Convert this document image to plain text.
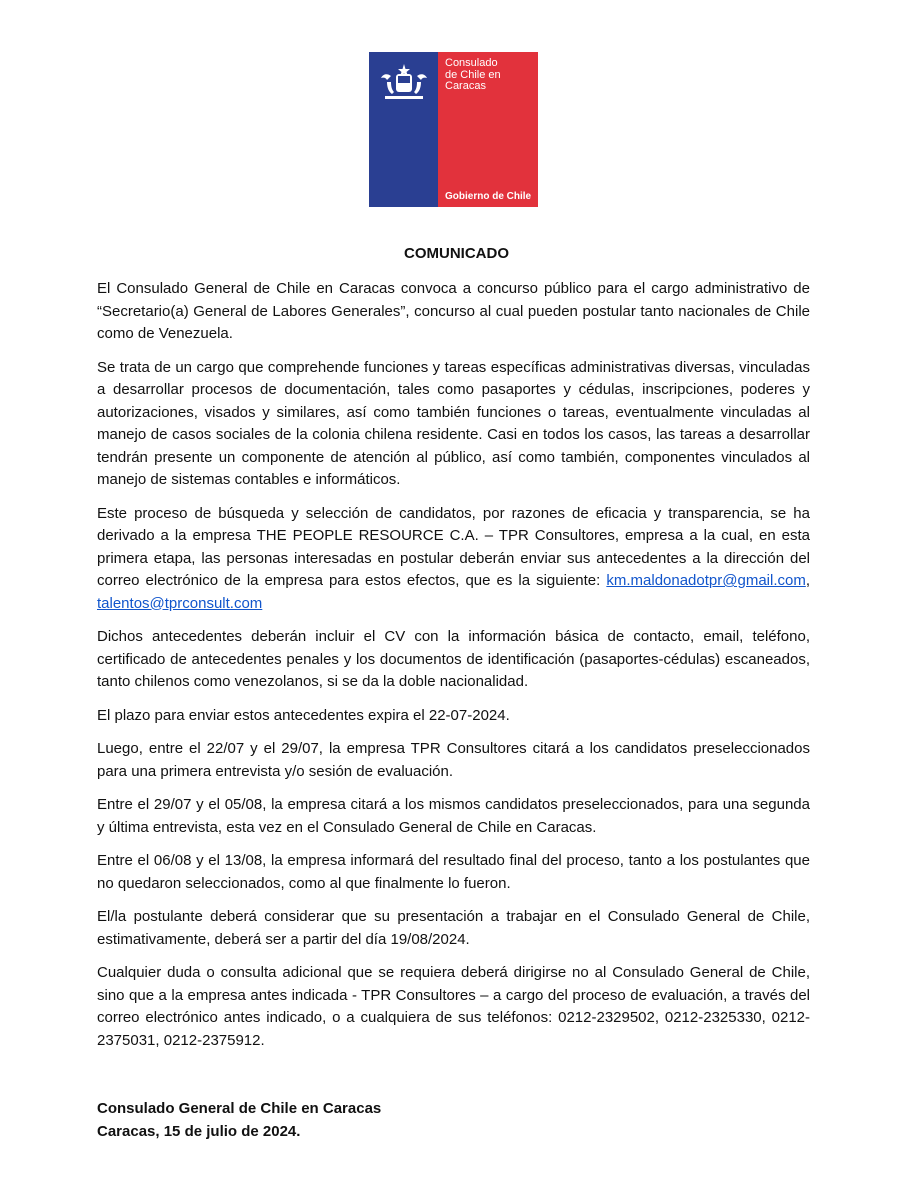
Consulado
de Chile en
Caracas
Gobierno de Chile
COMUNICADO

El Consulado General de Chile en Caracas convoca a concurso público para el cargo administrativo de “Secretario(a) General de Labores Generales”, concurso al cual pueden postular tanto nacionales de Chile como de Venezuela.

Se trata de un cargo que comprehende funciones y tareas específicas administrativas diversas, vinculadas a desarrollar procesos de documentación, tales como pasaportes y cédulas, inscripciones, poderes y autorizaciones, visados y similares, así como también funciones o tareas, eventualmente vinculadas al manejo de casos sociales de la colonia chilena residente. Casi en todos los casos, las tareas a desarrollar tendrán presente un componente de atención al público, así como también, componentes vinculados al manejo de sistemas contables e informáticos.

Este proceso de búsqueda y selección de candidatos, por razones de eficacia y transparencia, se ha derivado a la empresa THE PEOPLE RESOURCE C.A. – TPR Consultores, empresa a la cual, en esta primera etapa, las personas interesadas en postular deberán enviar sus antecedentes a la dirección del correo electrónico de la empresa para estos efectos, que es la siguiente: km.maldonadotpr@gmail.com, talentos@tprconsult.com

Dichos antecedentes deberán incluir el CV con la información básica de contacto, email, teléfono, certificado de antecedentes penales y los documentos de identificación (pasaportes-cédulas) escaneados, tanto chilenos como venezolanos, si se da la doble nacionalidad.

El plazo para enviar estos antecedentes expira el 22-07-2024.

Luego, entre el 22/07 y el 29/07, la empresa TPR Consultores citará a los candidatos preseleccionados para una primera entrevista y/o sesión de evaluación.

Entre el 29/07 y el 05/08, la empresa citará a los mismos candidatos preseleccionados, para una segunda y última entrevista, esta vez en el Consulado General de Chile en Caracas.

Entre el 06/08 y el 13/08, la empresa informará del resultado final del proceso, tanto a los postulantes que no quedaron seleccionados, como al que finalmente lo fueron.

El/la postulante deberá considerar que su presentación a trabajar en el Consulado General de Chile, estimativamente, deberá ser a partir del día 19/08/2024.

Cualquier duda o consulta adicional que se requiera deberá dirigirse no al Consulado General de Chile, sino que a la empresa antes indicada - TPR Consultores – a cargo del proceso de evaluación, a través del correo electrónico antes indicado, o a cualquiera de sus teléfonos: 0212-2329502, 0212-2325330, 0212-2375031, 0212-2375912.

Consulado General de Chile en Caracas
Caracas, 15 de julio de 2024.
